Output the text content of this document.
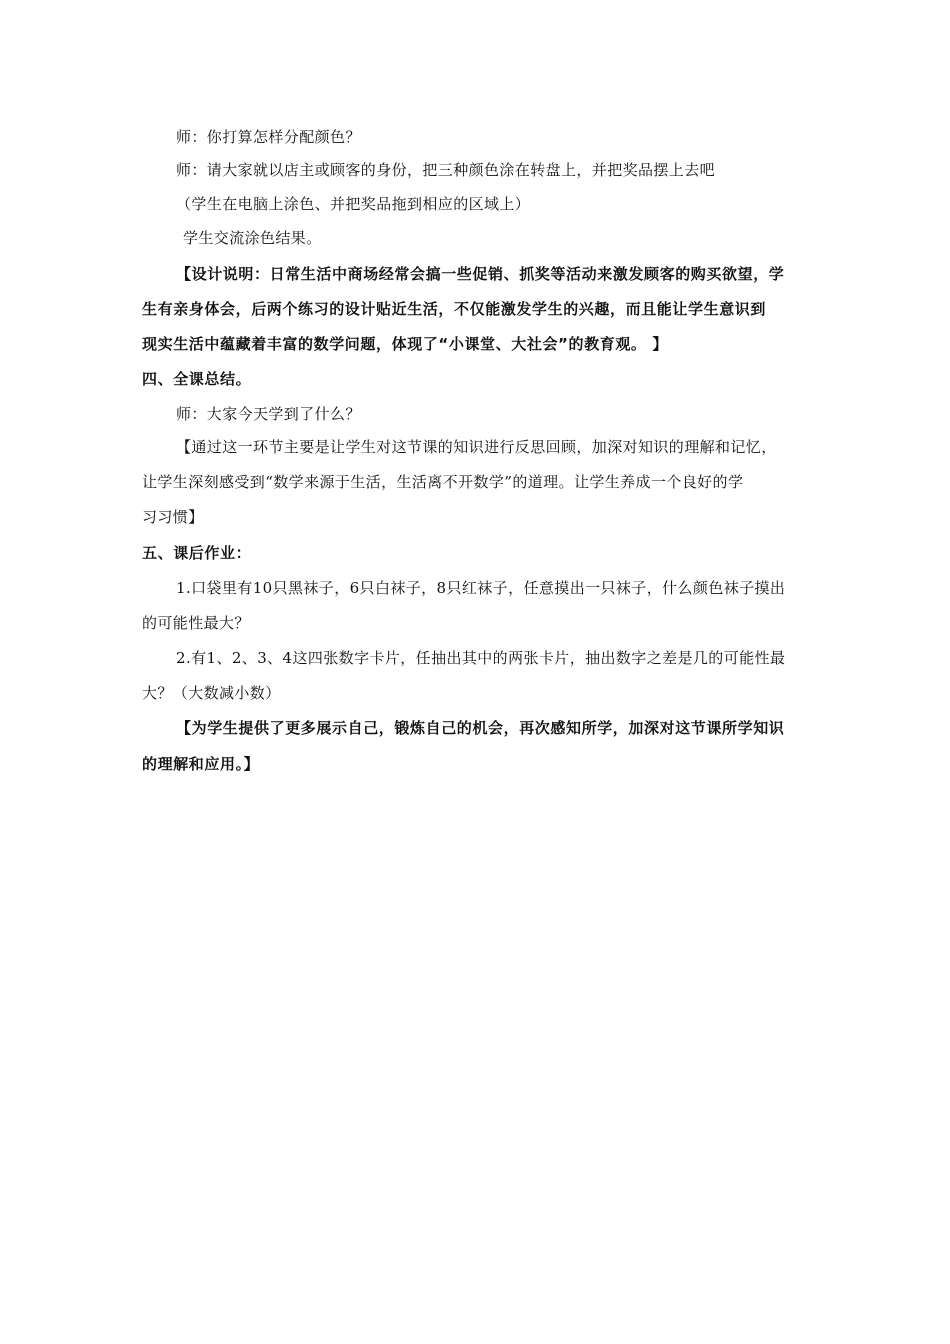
师：你打算怎样分配颜色？
师：请大家就以店主或顾客的身份，把三种颜色涂在转盘上，并把奖品摆上去吧
（学生在电脑上涂色、并把奖品拖到相应的区域上）
学生交流涂色结果。
【设计说明：日常生活中商场经常会搞一些促销、抓奖等活动来激发顾客的购买欲望，学
生有亲身体会，后两个练习的设计贴近生活，不仅能激发学生的兴趣，而且能让学生意识到
现实生活中蕴藏着丰富的数学问题，体现了“小课堂、大社会”的教育观。 】
四、全课总结。
师：大家今天学到了什么？
【通过这一环节主要是让学生对这节课的知识进行反思回顾，加深对知识的理解和记忆，
让学生深刻感受到“数学来源于生活，生活离不开数学”的道理。让学生养成一个良好的学
习习惯】
五、课后作业：
1.口袋里有10只黑袜子，6只白袜子，8只红袜子，任意摸出一只袜子，什么颜色袜子摸出
的可能性最大？
2.有1、2、3、4这四张数字卡片，任抽出其中的两张卡片，抽出数字之差是几的可能性最
大？（大数减小数）
【为学生提供了更多展示自己，锻炼自己的机会，再次感知所学，加深对这节课所学知识
的理解和应用。】
